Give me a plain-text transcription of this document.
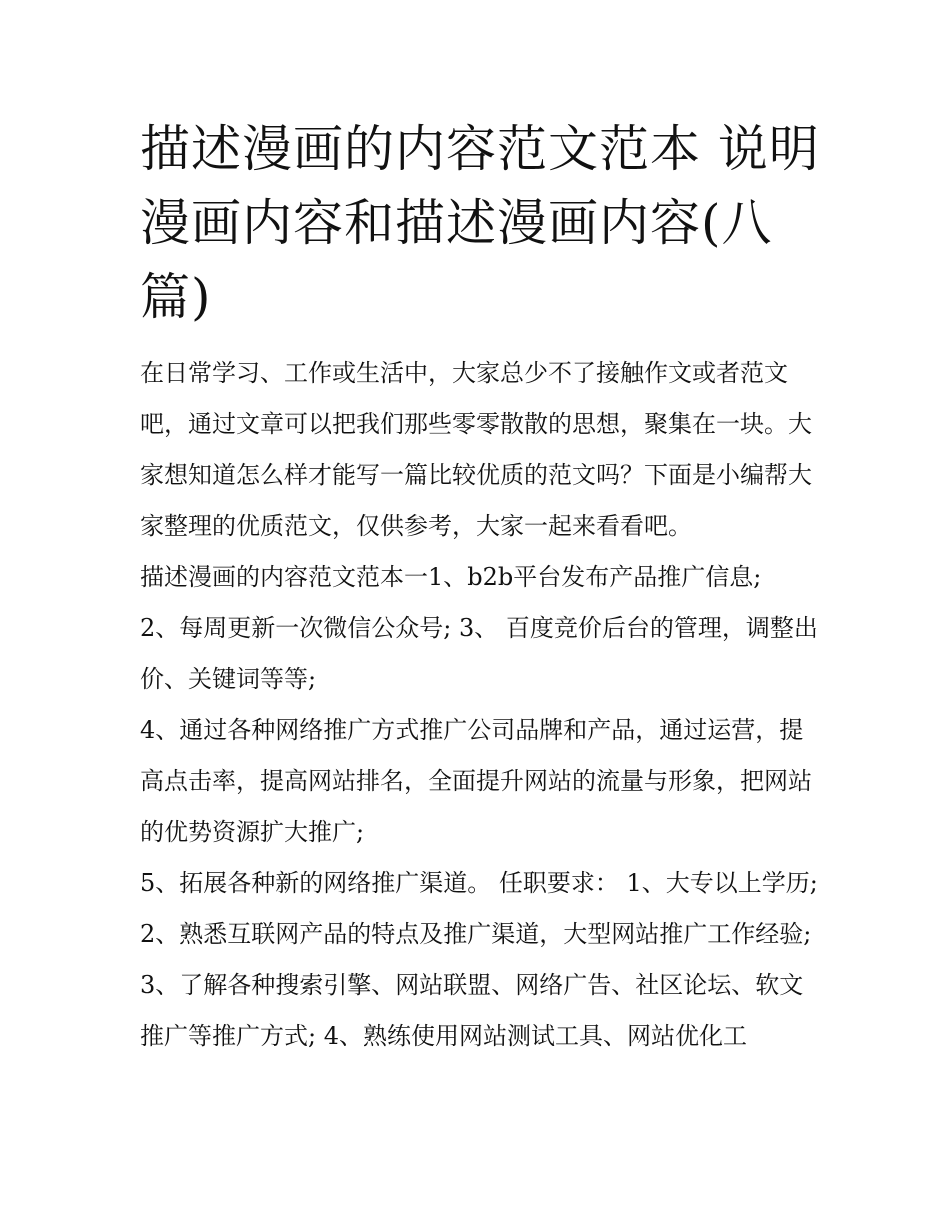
描述漫画的内容范文范本 说明漫画内容和描述漫画内容(八篇)

在日常学习、工作或生活中，大家总少不了接触作文或者范文吧，通过文章可以把我们那些零零散散的思想，聚集在一块。大家想知道怎么样才能写一篇比较优质的范文吗？下面是小编帮大家整理的优质范文，仅供参考，大家一起来看看吧。

描述漫画的内容范文范本一1、b2b平台发布产品推广信息;

2、每周更新一次微信公众号; 3、 百度竞价后台的管理，调整出价、关键词等等;

4、通过各种网络推广方式推广公司品牌和产品，通过运营，提高点击率，提高网站排名，全面提升网站的流量与形象，把网站的优势资源扩大推广;

5、拓展各种新的网络推广渠道。 任职要求： 1、大专以上学历; 2、熟悉互联网产品的特点及推广渠道，大型网站推广工作经验;

3、了解各种搜索引擎、网站联盟、网络广告、社区论坛、软文推广等推广方式; 4、熟练使用网站测试工具、网站优化工
